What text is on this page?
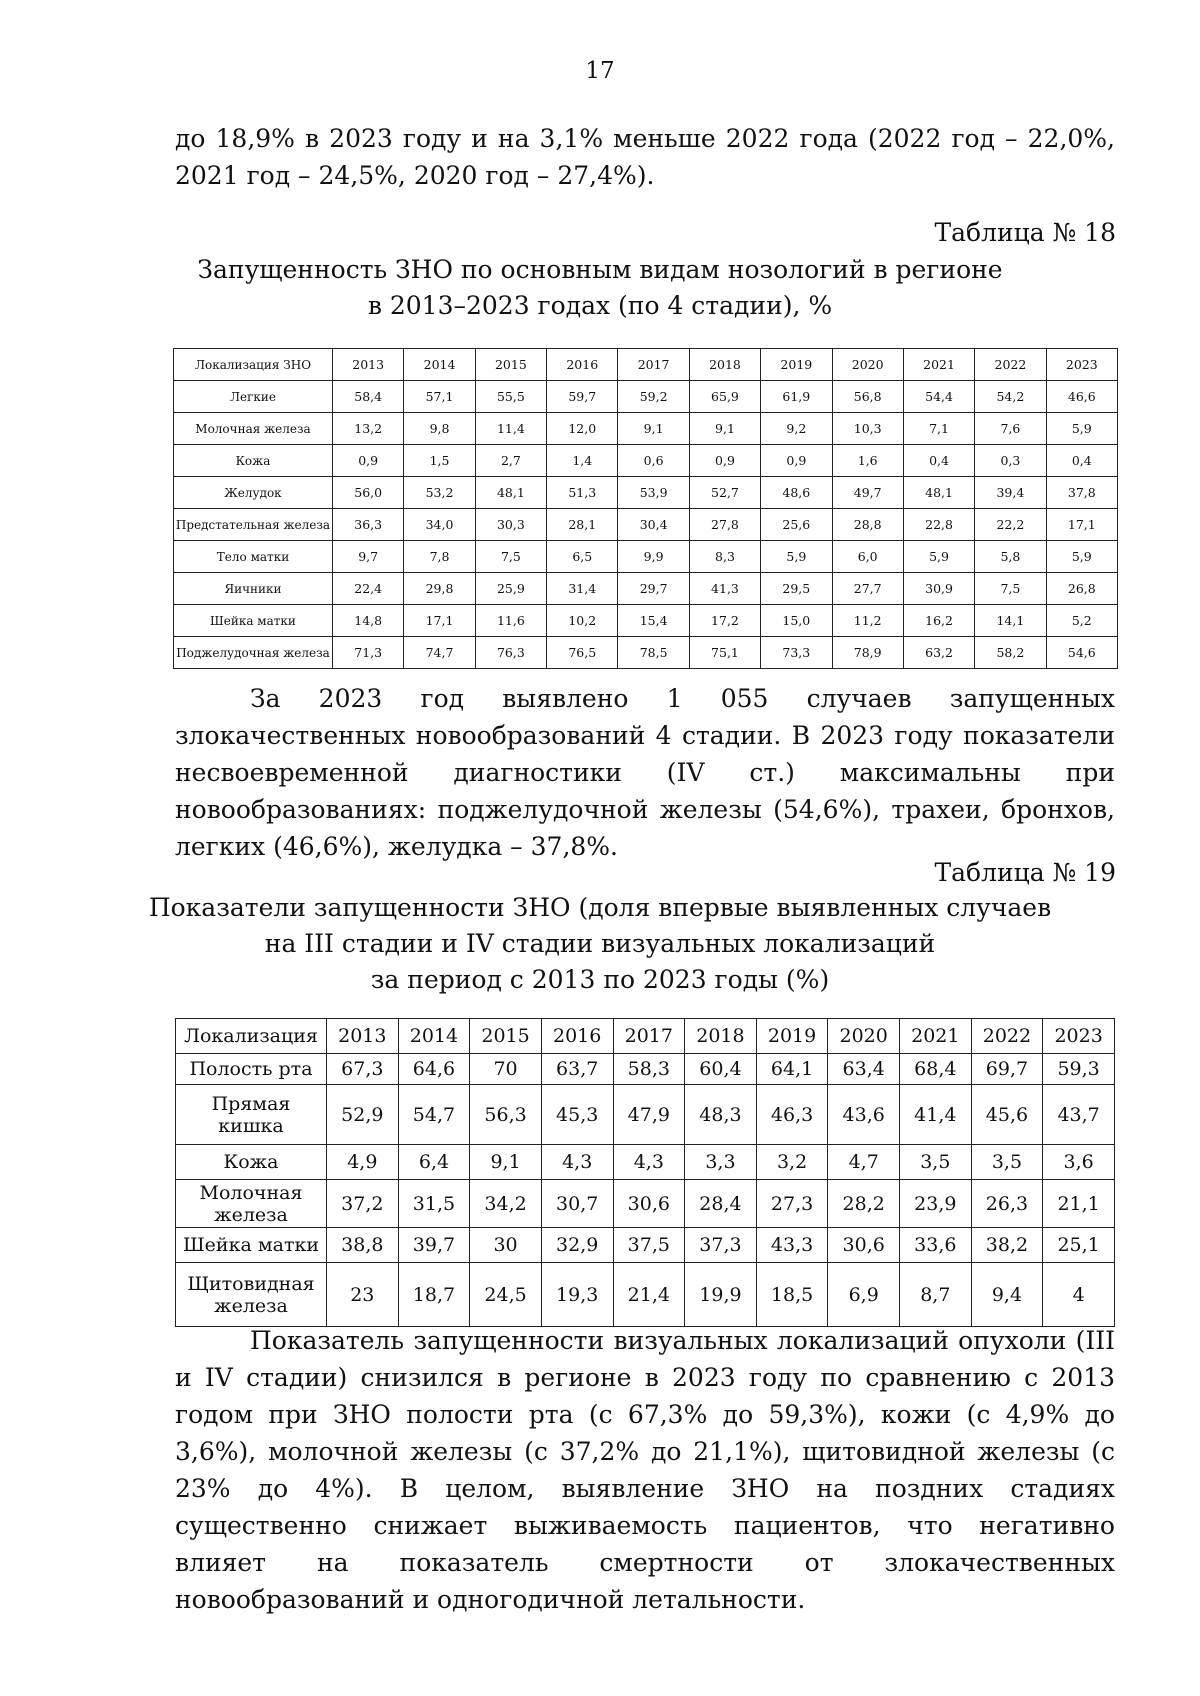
17
до 18,9% в 2023 году и на 3,1% меньше 2022 года (2022 год – 22,0%, 2021 год – 24,5%, 2020 год – 27,4%).
Таблица № 18
Запущенность ЗНО по основным видам нозологий в регионе
в 2013–2023 годах (по 4 стадии), %
Локализация ЗНО	2013	2014	2015	2016	2017	2018	2019	2020	2021	2022	2023
Легкие	58,4	57,1	55,5	59,7	59,2	65,9	61,9	56,8	54,4	54,2	46,6
Молочная железа	13,2	9,8	11,4	12,0	9,1	9,1	9,2	10,3	7,1	7,6	5,9
Кожа	0,9	1,5	2,7	1,4	0,6	0,9	0,9	1,6	0,4	0,3	0,4
Желудок	56,0	53,2	48,1	51,3	53,9	52,7	48,6	49,7	48,1	39,4	37,8
Предстательная железа	36,3	34,0	30,3	28,1	30,4	27,8	25,6	28,8	22,8	22,2	17,1
Тело матки	9,7	7,8	7,5	6,5	9,9	8,3	5,9	6,0	5,9	5,8	5,9
Яичники	22,4	29,8	25,9	31,4	29,7	41,3	29,5	27,7	30,9	7,5	26,8
Шейка матки	14,8	17,1	11,6	10,2	15,4	17,2	15,0	11,2	16,2	14,1	5,2
Поджелудочная железа	71,3	74,7	76,3	76,5	78,5	75,1	73,3	78,9	63,2	58,2	54,6
За 2023 год выявлено 1 055 случаев запущенных злокачественных новообразований 4 стадии. В 2023 году показатели несвоевременной диагностики (IV ст.) максимальны при новообразованиях: поджелудочной железы (54,6%), трахеи, бронхов, легких (46,6%), желудка – 37,8%.
Таблица № 19
Показатели запущенности ЗНО (доля впервые выявленных случаев
на III стадии и IV стадии визуальных локализаций
за период с 2013 по 2023 годы (%)
Локализация	2013	2014	2015	2016	2017	2018	2019	2020	2021	2022	2023
Полость рта	67,3	64,6	70	63,7	58,3	60,4	64,1	63,4	68,4	69,7	59,3
Прямая кишка	52,9	54,7	56,3	45,3	47,9	48,3	46,3	43,6	41,4	45,6	43,7
Кожа	4,9	6,4	9,1	4,3	4,3	3,3	3,2	4,7	3,5	3,5	3,6
Молочная железа	37,2	31,5	34,2	30,7	30,6	28,4	27,3	28,2	23,9	26,3	21,1
Шейка матки	38,8	39,7	30	32,9	37,5	37,3	43,3	30,6	33,6	38,2	25,1
Щитовидная железа	23	18,7	24,5	19,3	21,4	19,9	18,5	6,9	8,7	9,4	4
Показатель запущенности визуальных локализаций опухоли (III и IV стадии) снизился в регионе в 2023 году по сравнению с 2013 годом при ЗНО полости рта (с 67,3% до 59,3%), кожи (с 4,9% до 3,6%), молочной железы (с 37,2% до 21,1%), щитовидной железы (с 23% до 4%). В целом, выявление ЗНО на поздних стадиях существенно снижает выживаемость пациентов, что негативно влияет на показатель смертности от злокачественных новообразований и одногодичной летальности.
